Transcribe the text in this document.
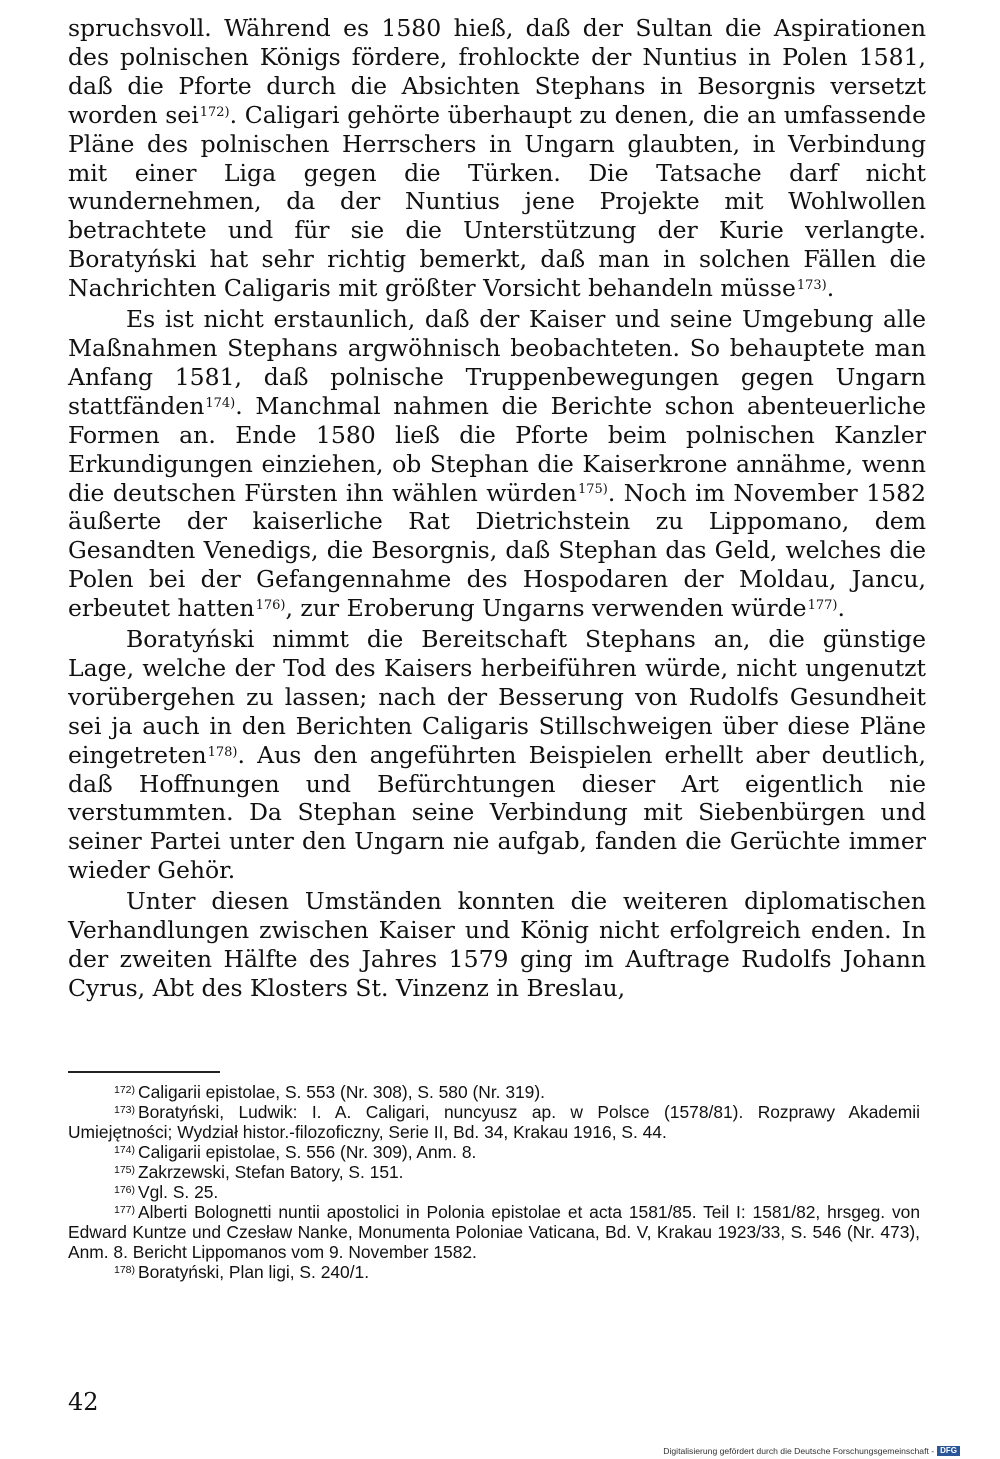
spruchsvoll. Während es 1580 hieß, daß der Sultan die Aspirationen des polnischen Königs fördere, frohlockte der Nuntius in Polen 1581, daß die Pforte durch die Absichten Stephans in Besorgnis versetzt worden sei$^{172)}$. Caligari gehörte überhaupt zu denen, die an umfassende Pläne des polnischen Herrschers in Ungarn glaubten, in Verbindung mit einer Liga gegen die Türken. Die Tatsache darf nicht wundernehmen, da der Nuntius jene Projekte mit Wohlwollen betrachtete und für sie die Unterstützung der Kurie verlangte. Boratyński hat sehr richtig bemerkt, daß man in solchen Fällen die Nachrichten Caligaris mit größter Vorsicht behandeln müsse$^{173)}$.

Es ist nicht erstaunlich, daß der Kaiser und seine Umgebung alle Maßnahmen Stephans argwöhnisch beobachteten. So behauptete man Anfang 1581, daß polnische Truppenbewegungen gegen Ungarn stattfänden$^{174)}$. Manchmal nahmen die Berichte schon abenteuerliche Formen an. Ende 1580 ließ die Pforte beim polnischen Kanzler Erkundigungen einziehen, ob Stephan die Kaiserkrone annähme, wenn die deutschen Fürsten ihn wählen würden$^{175)}$. Noch im November 1582 äußerte der kaiserliche Rat Dietrichstein zu Lippomano, dem Gesandten Venedigs, die Besorgnis, daß Stephan das Geld, welches die Polen bei der Gefangennahme des Hospodaren der Moldau, Jancu, erbeutet hatten$^{176)}$, zur Eroberung Ungarns verwenden würde$^{177)}$.

Boratyński nimmt die Bereitschaft Stephans an, die günstige Lage, welche der Tod des Kaisers herbeiführen würde, nicht ungenutzt vorübergehen zu lassen; nach der Besserung von Rudolfs Gesundheit sei ja auch in den Berichten Caligaris Stillschweigen über diese Pläne eingetreten$^{178)}$. Aus den angeführten Beispielen erhellt aber deutlich, daß Hoffnungen und Befürchtungen dieser Art eigentlich nie verstummten. Da Stephan seine Verbindung mit Siebenbürgen und seiner Partei unter den Ungarn nie aufgab, fanden die Gerüchte immer wieder Gehör.

Unter diesen Umständen konnten die weiteren diplomatischen Verhandlungen zwischen Kaiser und König nicht erfolgreich enden. In der zweiten Hälfte des Jahres 1579 ging im Auftrage Rudolfs Johann Cyrus, Abt des Klosters St. Vinzenz in Breslau,

$^{172)}$ Caligarii epistolae, S. 553 (Nr. 308), S. 580 (Nr. 319).

$^{173)}$ Boratyński, Ludwik: I. A. Caligari, nuncyusz ap. w Polsce (1578/81). Rozprawy Akademii Umiejętności; Wydział histor.-filozoficzny, Serie II, Bd. 34, Krakau 1916, S. 44.

$^{174)}$ Caligarii epistolae, S. 556 (Nr. 309), Anm. 8.

$^{175)}$ Zakrzewski, Stefan Batory, S. 151.

$^{176)}$ Vgl. S. 25.

$^{177)}$ Alberti Bolognetti nuntii apostolici in Polonia epistolae et acta 1581/85. Teil I: 1581/82, hrsgeg. von Edward Kuntze und Czesław Nanke, Monumenta Poloniae Vaticana, Bd. V, Krakau 1923/33, S. 546 (Nr. 473), Anm. 8. Bericht Lippomanos vom 9. November 1582.

$^{178)}$ Boratyński, Plan ligi, S. 240/1.

42
Digitalisierung gefördert durch die Deutsche Forschungsgemeinschaft - DFG
